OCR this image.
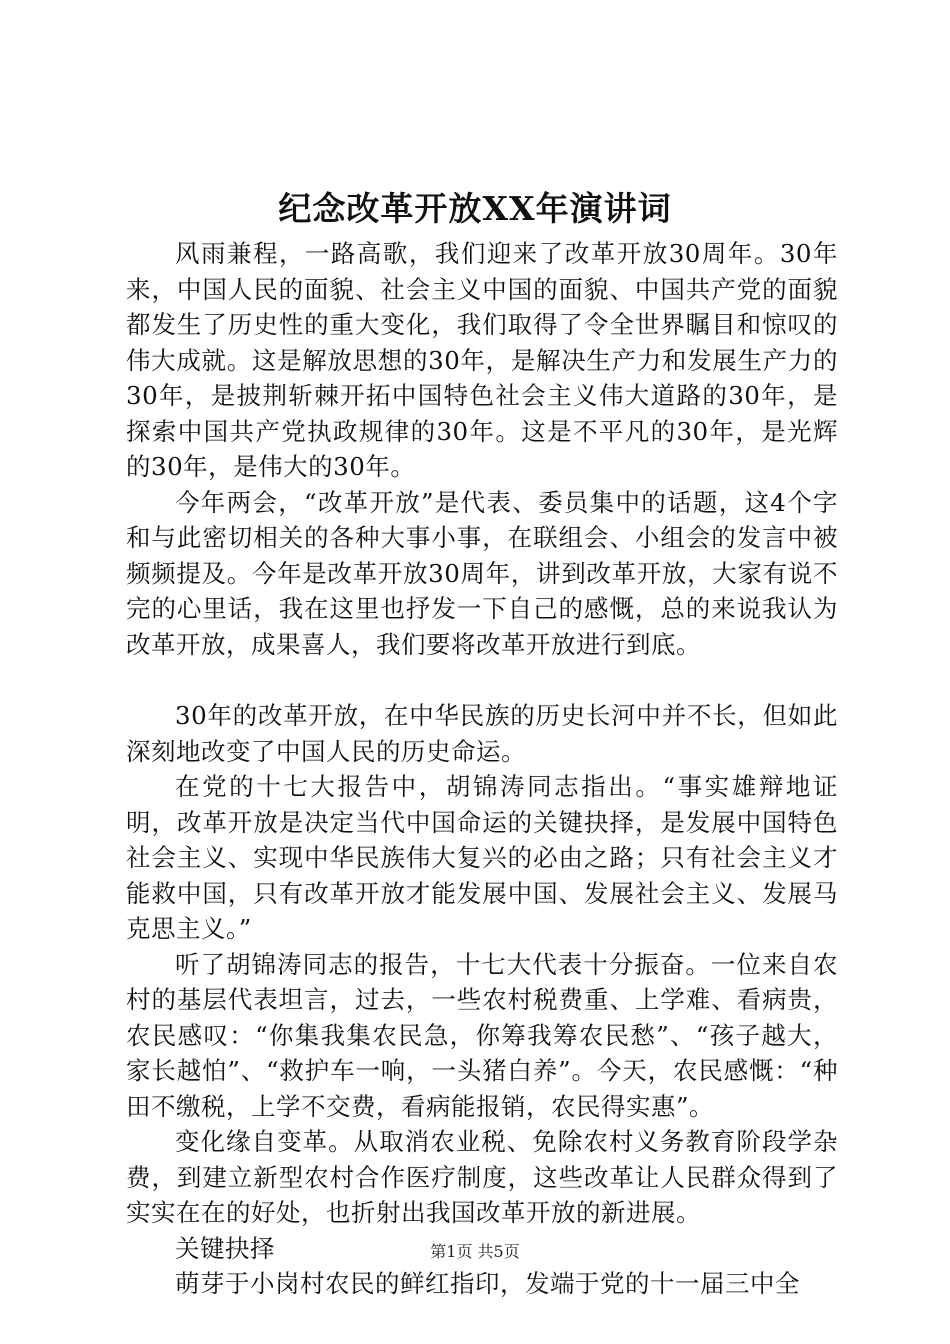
纪念改革开放XX年演讲词

风雨兼程，一路高歌，我们迎来了改革开放30周年。30年来，中国人民的面貌、社会主义中国的面貌、中国共产党的面貌都发生了历史性的重大变化，我们取得了令全世界瞩目和惊叹的伟大成就。这是解放思想的30年，是解决生产力和发展生产力的30年，是披荆斩棘开拓中国特色社会主义伟大道路的30年，是探索中国共产党执政规律的30年。这是不平凡的30年，是光辉的30年，是伟大的30年。

今年两会，“改革开放”是代表、委员集中的话题，这4个字和与此密切相关的各种大事小事，在联组会、小组会的发言中被频频提及。今年是改革开放30周年，讲到改革开放，大家有说不完的心里话，我在这里也抒发一下自己的感慨，总的来说我认为改革开放，成果喜人，我们要将改革开放进行到底。

30年的改革开放，在中华民族的历史长河中并不长，但如此深刻地改变了中国人民的历史命运。

在党的十七大报告中，胡锦涛同志指出。“事实雄辩地证明，改革开放是决定当代中国命运的关键抉择，是发展中国特色社会主义、实现中华民族伟大复兴的必由之路；只有社会主义才能救中国，只有改革开放才能发展中国、发展社会主义、发展马克思主义。”

听了胡锦涛同志的报告，十七大代表十分振奋。一位来自农村的基层代表坦言，过去，一些农村税费重、上学难、看病贵，农民感叹：“你集我集农民急，你筹我筹农民愁”、“孩子越大，家长越怕”、“救护车一响，一头猪白养”。今天，农民感慨：“种田不缴税，上学不交费，看病能报销，农民得实惠”。

变化缘自变革。从取消农业税、免除农村义务教育阶段学杂费，到建立新型农村合作医疗制度，这些改革让人民群众得到了实实在在的好处，也折射出我国改革开放的新进展。

关键抉择

萌芽于小岗村农民的鲜红指印，发端于党的十一届三中全

第1页 共5页
